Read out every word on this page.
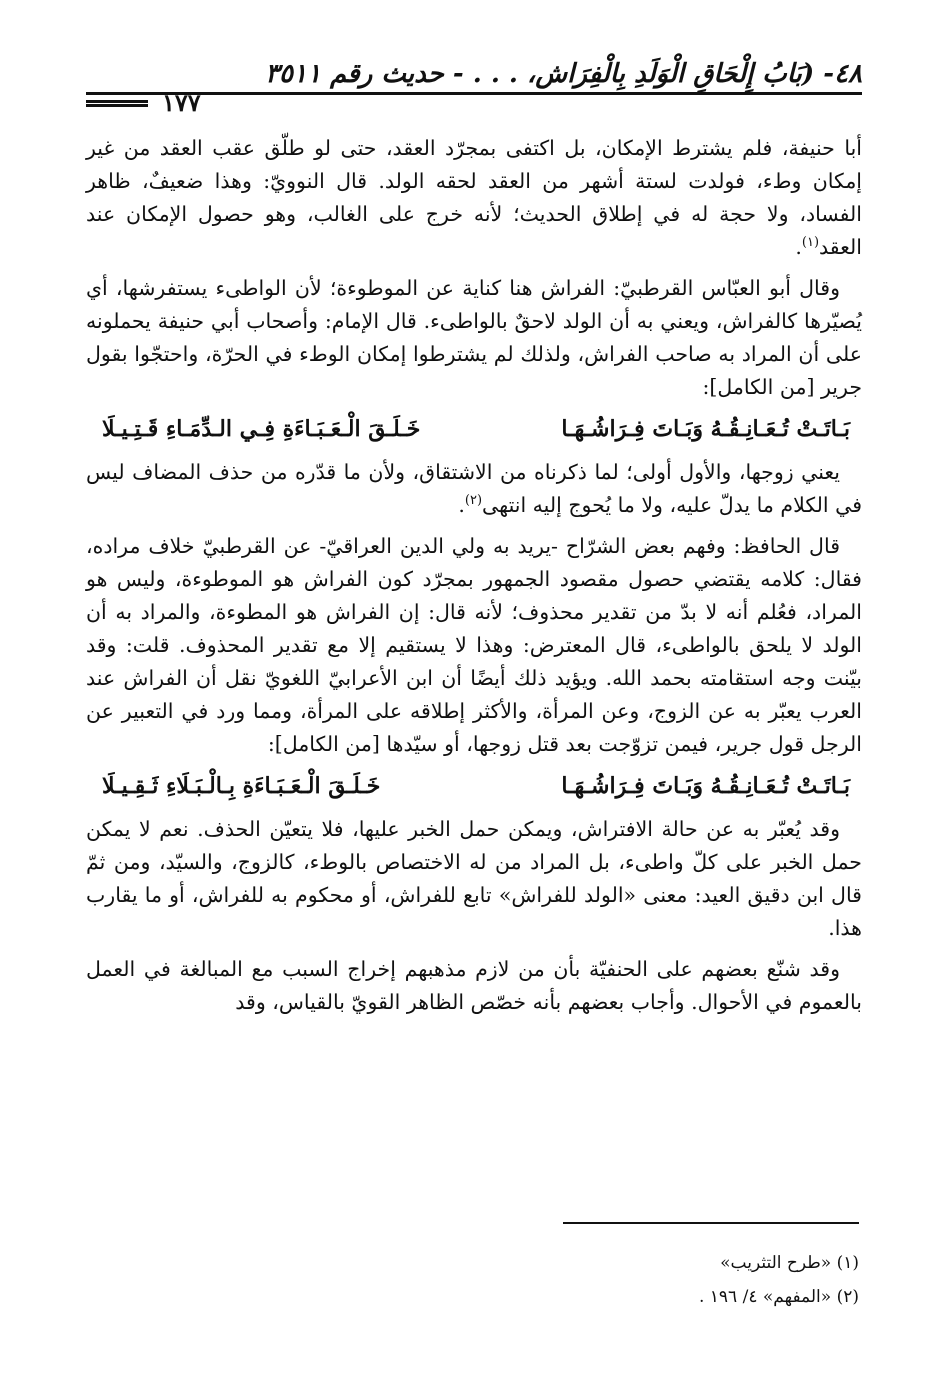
٤٨- (بَابُ إِلْحَاقِ الْوَلَدِ بِالْفِرَاش، . . . - حديث رقم ٣٥١١
١٧٧

أبا حنيفة، فلم يشترط الإمكان، بل اكتفى بمجرّد العقد، حتى لو طلّق عقب العقد من غير إمكان وطء، فولدت لستة أشهر من العقد لحقه الولد. قال النوويّ: وهذا ضعيفٌ، ظاهر الفساد، ولا حجة له في إطلاق الحديث؛ لأنه خرج على الغالب، وهو حصول الإمكان عند العقد$^{(١)}$.

وقال أبو العبّاس القرطبيّ: الفراش هنا كناية عن الموطوءة؛ لأن الواطىء يستفرشها، أي يُصيّرها كالفراش، ويعني به أن الولد لاحقٌ بالواطىء. قال الإمام: وأصحاب أبي حنيفة يحملونه على أن المراد به صاحب الفراش، ولذلك لم يشترطوا إمكان الوطء في الحرّة، واحتجّوا بقول جرير [من الكامل]:

بَـاتَـتْ تُـعَـانِـقُـهُ وَبَـاتَ فِـرَاشُـهَـا
خَـلَـقَ الْـعَـبَـاءَةِ فِـي الـدِّمَـاءِ قَـتِـيـلَا

يعني زوجها، والأول أولى؛ لما ذكرناه من الاشتقاق، ولأن ما قدّره من حذف المضاف ليس في الكلام ما يدلّ عليه، ولا ما يُحوج إليه انتهى$^{(٢)}$.

قال الحافظ: وفهم بعض الشرّاح -يريد به ولي الدين العراقيّ- عن القرطبيّ خلاف مراده، فقال: كلامه يقتضي حصول مقصود الجمهور بمجرّد كون الفراش هو الموطوءة، وليس هو المراد، فعُلم أنه لا بدّ من تقدير محذوف؛ لأنه قال: إن الفراش هو المطوءة، والمراد به أن الولد لا يلحق بالواطىء، قال المعترض: وهذا لا يستقيم إلا مع تقدير المحذوف. قلت: وقد بيّنت وجه استقامته بحمد الله. ويؤيد ذلك أيضًا أن ابن الأعرابيّ اللغويّ نقل أن الفراش عند العرب يعبّر به عن الزوج، وعن المرأة، والأكثر إطلاقه على المرأة، ومما ورد في التعبير عن الرجل قول جرير، فيمن تزوّجت بعد قتل زوجها، أو سيّدها [من الكامل]:

بَـاتَـتْ تُـعَـانِـقُـهُ وَبَـاتَ فِـرَاشُـهَـا
خَـلَـقَ الْـعَـبَـاءَةِ بِـالْـبَـلَاءِ ثَـقِـيـلَا

وقد يُعبّر به عن حالة الافتراش، ويمكن حمل الخبر عليها، فلا يتعيّن الحذف. نعم لا يمكن حمل الخبر على كلّ واطىء، بل المراد من له الاختصاص بالوطء، كالزوج، والسيّد، ومن ثمّ قال ابن دقيق العيد: معنى «الولد للفراش» تابع للفراش، أو محكوم به للفراش، أو ما يقارب هذا.

وقد شنّع بعضهم على الحنفيّة بأن من لازم مذهبهم إخراج السبب مع المبالغة في العمل بالعموم في الأحوال. وأجاب بعضهم بأنه خصّص الظاهر القويّ بالقياس، وقد

(١) «طرح التثريب»

(٢) «المفهم» ٤/ ١٩٦ .
